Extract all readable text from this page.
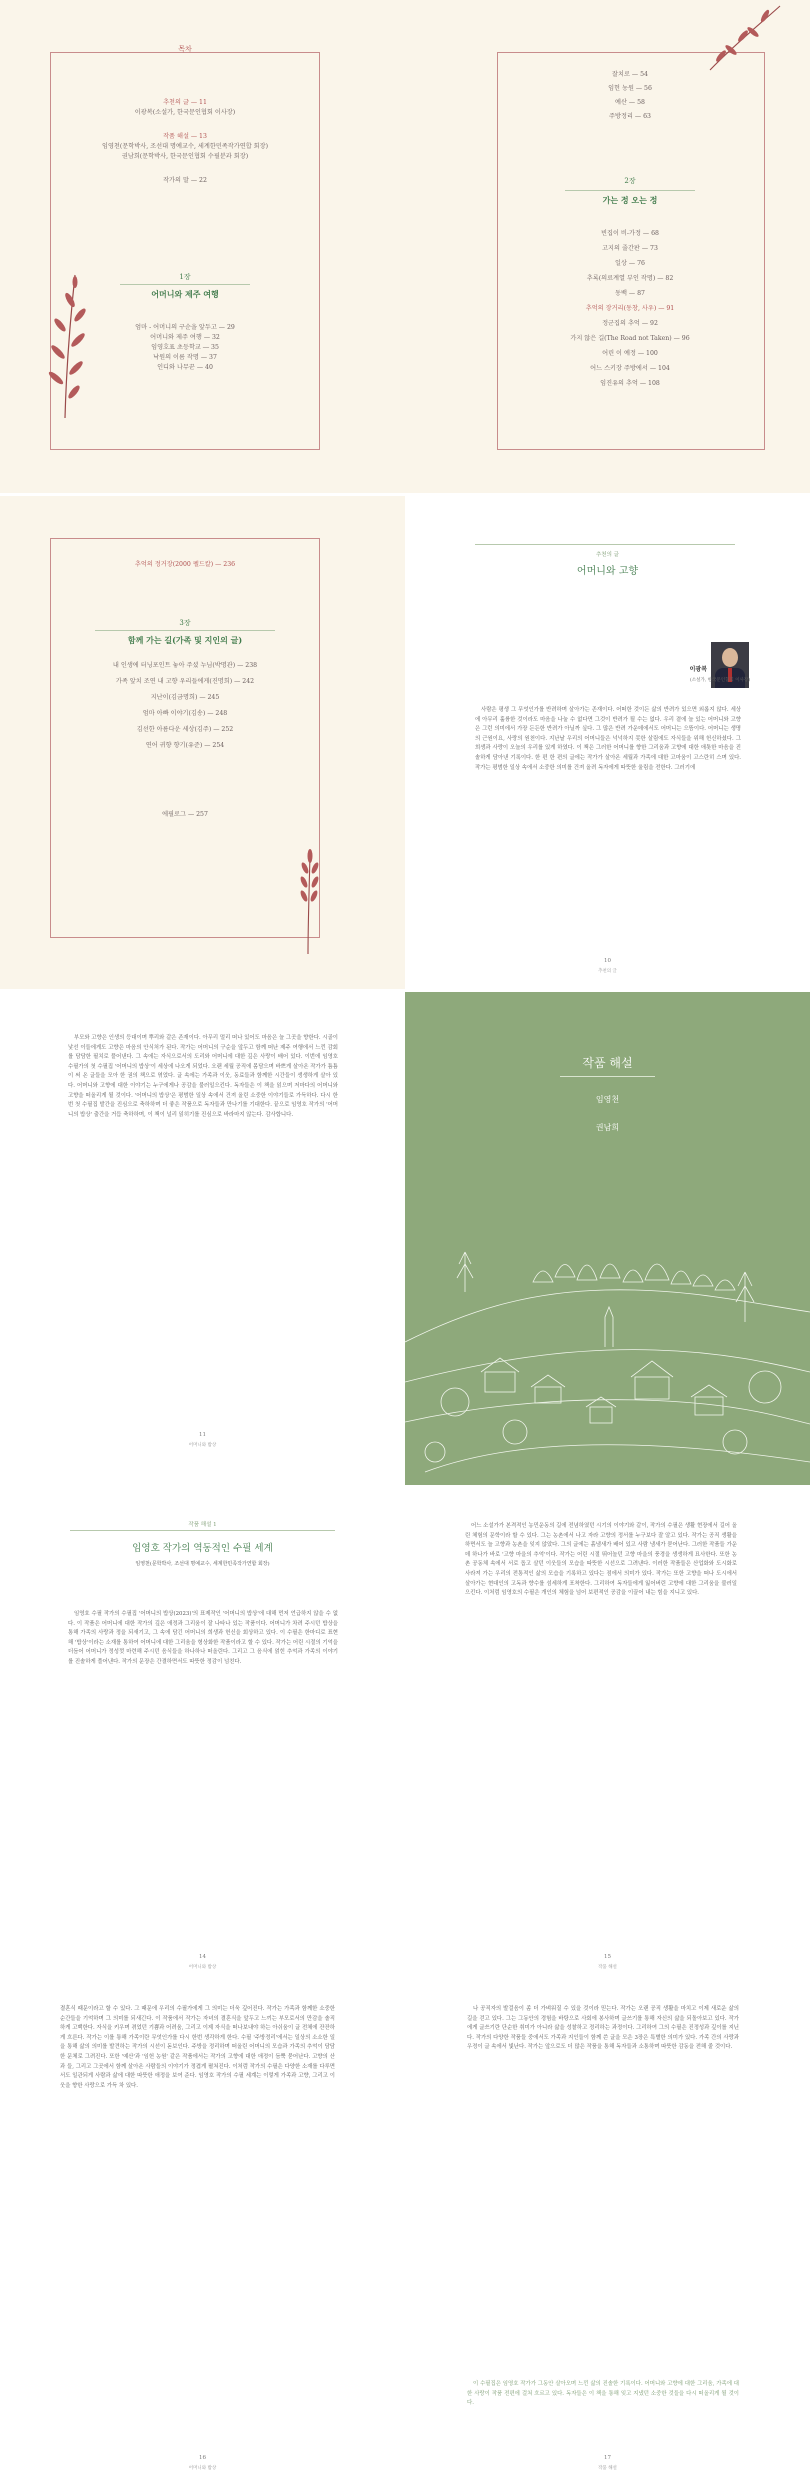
목차
추천의 글 — 11
이광복(소설가, 한국문인협회 이사장)
작품 해설 — 13
임영천(문학박사, 조선대 명예교수, 세계한민족작가연합 회장)
권남희(문학박사, 한국문인협회 수필분과 회장)
작가의 말 — 22
1장
어머니와 제주 여행
엄마 - 어머니의 구순을 앞두고 — 29
어머니와 제주 여행 — 32
임영호표 초등학교 ― 35
낙원의 이름 작명 — 37
인디와 나무꾼 — 40
잘치로 — 54
임헌 농원 — 56
예산 — 58
주방정리 — 63
2장
가는 정 오는 정
빈집이 비-가정 — 68
고지의 줄간판 — 73
일상 — 76
추록(의료계열 부인 작명) — 82
동백 — 87
추억의 장거리(동창, 사우) — 91
정군집의 추억 — 92
가지 않은 길(The Road not Taken) — 96
어린 이 예정 — 100
어느 스키장 주방에서 — 104
임진유의 추억 — 108
추억의 정거장(2000 펠드칼) — 236
3장
함께 가는 길(가족 및 지인의 글)
내 인생에 터닝포인트 놓아 주셨 누님(박명관) — 238
가족 앞치 조연 내 고향 우리들에게(진명희) — 242
지난이(김금명희) — 245
엄마 아빠 이야기(김송) — 248
김선한 아름다운 세상(김주) — 252
연어 귀향 향기(유준) — 254
에필로그 — 257
추천의 글
어머니와 고향
이광복
(소설가, 한국문인협회 이사장)
사람은 평생 그 무엇인가를 반려하며 살아가는 존재이다. 어떠한 것이든 삶의 반려가 있으면 외롭지 않다. 세상에 아무리 훌륭한 것이라도 마음을 나눌 수 없다면 그것이 반려가 될 수는 없다. 우리 곁에 늘 있는 어머니와 고향은 그런 의미에서 가장 든든한 반려가 아닐까 싶다. 그 많은 반려 가운데에서도 어머니는 으뜸이다. 어머니는 생명의 근원이요, 사랑의 원천이다. 지난날 우리의 어머니들은 넉넉하지 못한 살림에도 자식들을 위해 헌신하셨다. 그 희생과 사랑이 오늘의 우리를 있게 하였다. 이 책은 그러한 어머니를 향한 그리움과 고향에 대한 애틋한 마음을 진솔하게 담아낸 기록이다. 한 편 한 편의 글에는 작가가 살아온 세월과 가족에 대한 고마움이 고스란히 스며 있다. 작가는 평범한 일상 속에서 소중한 의미를 건져 올려 독자에게 따뜻한 울림을 전한다. 그러기에
10
추천의 글
부모와 고향은 인생의 등대이며 뿌리와 같은 존재이다. 아무리 멀리 떠나 있어도 마음은 늘 그곳을 향한다. 시골이 낯선 이들에게도 고향은 마음의 안식처가 된다. 작가는 어머니의 구순을 앞두고 함께 떠난 제주 여행에서 느낀 감회를 담담한 필치로 풀어낸다. 그 속에는 자식으로서의 도리와 어머니에 대한 깊은 사랑이 배어 있다. 이번에 임영호 수필가의 첫 수필집 '어머니의 밥상'이 세상에 나오게 되었다. 오랜 세월 공직에 몸담으며 바쁘게 살아온 작가가 틈틈이 써 온 글들을 모아 한 권의 책으로 엮었다. 글 속에는 가족과 이웃, 동료들과 함께한 시간들이 생생하게 살아 있다. 어머니와 고향에 대한 이야기는 누구에게나 공감을 불러일으킨다. 독자들은 이 책을 읽으며 저마다의 어머니와 고향을 떠올리게 될 것이다. '어머니의 밥상'은 평범한 일상 속에서 건져 올린 소중한 이야기들로 가득하다. 다시 한번 첫 수필집 발간을 진심으로 축하하며 더 좋은 작품으로 독자들과 만나기를 기대한다. 끝으로 임영호 작가의 '어머니의 밥상' 출간을 거듭 축하하며, 이 책이 널리 읽히기를 진심으로 바라마지 않는다. 감사합니다.
11
어머니와 밥상
작품 해설
임영천
권남희
작품 해설 1
임영호 작가의 역동적인 수필 세계
임영천(문학박사, 조선대 명예교수, 세계한민족작가연합 회장)
임영호 수필 작가의 수필집 '어머니의 밥상(2023)'의 표제작인 '어머니의 밥상'에 대해 먼저 언급하지 않을 수 없다. 이 작품은 어머니에 대한 작가의 깊은 애정과 그리움이 잘 나타나 있는 작품이다. 어머니가 차려 주시던 밥상을 통해 가족의 사랑과 정을 되새기고, 그 속에 담긴 어머니의 희생과 헌신을 회상하고 있다. 이 수필은 한마디로 표현해 '밥상'이라는 소재를 통하여 어머니에 대한 그리움을 형상화한 작품이라고 할 수 있다. 작가는 어린 시절의 기억을 더듬어 어머니가 정성껏 마련해 주시던 음식들을 하나하나 떠올린다. 그리고 그 음식에 얽힌 추억과 가족의 이야기를 진솔하게 풀어낸다. 작가의 문장은 간결하면서도 따뜻한 정감이 넘친다.
14
어머니와 밥상
어느 소설가가 본격적인 농민운동의 길에 전념하였던 시기의 이야기와 같이, 작가의 수필은 생활 현장에서 길어 올린 체험의 문학이라 할 수 있다. 그는 농촌에서 나고 자라 고향의 정서를 누구보다 잘 알고 있다. 작가는 공직 생활을 하면서도 늘 고향과 농촌을 잊지 않았다. 그의 글에는 흙냄새가 배어 있고 사람 냄새가 묻어난다. 그러한 작품들 가운데 하나가 바로 '고향 마을의 추억'이다. 작가는 어린 시절 뛰어놀던 고향 마을의 풍경을 생생하게 묘사한다. 또한 농촌 공동체 속에서 서로 돕고 살던 이웃들의 모습을 따뜻한 시선으로 그려낸다. 이러한 작품들은 산업화와 도시화로 사라져 가는 우리의 전통적인 삶의 모습을 기록하고 있다는 점에서 의미가 있다. 작가는 또한 고향을 떠나 도시에서 살아가는 현대인의 고독과 향수를 섬세하게 포착한다. 그리하여 독자들에게 잃어버린 고향에 대한 그리움을 불러일으킨다. 이처럼 임영호의 수필은 개인의 체험을 넘어 보편적인 공감을 이끌어 내는 힘을 지니고 있다.
15
작품 해설
결혼식 때문이라고 할 수 있다. 그 때문에 우리의 수필가에게 그 의미는 더욱 깊어진다. 작가는 가족과 함께한 소중한 순간들을 기억하며 그 의미를 되새긴다. 이 작품에서 작가는 자녀의 결혼식을 앞두고 느끼는 부모로서의 만감을 솔직하게 고백한다. 자식을 키우며 겪었던 기쁨과 어려움, 그리고 이제 자식을 떠나보내야 하는 아쉬움이 글 전체에 잔잔하게 흐른다. 작가는 이를 통해 가족이란 무엇인가를 다시 한번 생각하게 한다. 수필 '주방정리'에서는 일상의 소소한 일을 통해 삶의 의미를 발견하는 작가의 시선이 돋보인다. 주방을 정리하며 떠올린 어머니의 모습과 가족의 추억이 담담한 문체로 그려진다. 또한 '예산'과 '임헌 농원' 같은 작품에서는 작가의 고향에 대한 애정이 듬뿍 묻어난다. 고향의 산과 들, 그리고 그곳에서 함께 살아온 사람들의 이야기가 정겹게 펼쳐진다. 이처럼 작가의 수필은 다양한 소재를 다루면서도 일관되게 사람과 삶에 대한 따뜻한 애정을 보여 준다. 임영호 작가의 수필 세계는 이렇게 가족과 고향, 그리고 이웃을 향한 사랑으로 가득 차 있다.
16
어머니와 밥상
나 공직자의 발걸음이 좀 더 가벼워질 수 있을 것이라 믿는다. 작가는 오랜 공직 생활을 마치고 이제 새로운 삶의 길을 걷고 있다. 그는 그동안의 경험을 바탕으로 사회에 봉사하며 글쓰기를 통해 자신의 삶을 되돌아보고 있다. 작가에게 글쓰기란 단순한 취미가 아니라 삶을 성찰하고 정리하는 과정이다. 그리하여 그의 수필은 진정성과 깊이를 지닌다. 작가의 다양한 작품들 중에서도 가족과 지인들이 함께 쓴 글을 모은 3장은 특별한 의미가 있다. 가족 간의 사랑과 우정이 글 속에서 빛난다. 작가는 앞으로도 더 많은 작품을 통해 독자들과 소통하며 따뜻한 감동을 전해 줄 것이다.
이 수필집은 임영호 작가가 그동안 살아오며 느낀 삶의 진솔한 기록이다. 어머니와 고향에 대한 그리움, 가족에 대한 사랑이 작품 전편에 걸쳐 흐르고 있다. 독자들은 이 책을 통해 잊고 지냈던 소중한 것들을 다시 떠올리게 될 것이다.
17
작품 해설
